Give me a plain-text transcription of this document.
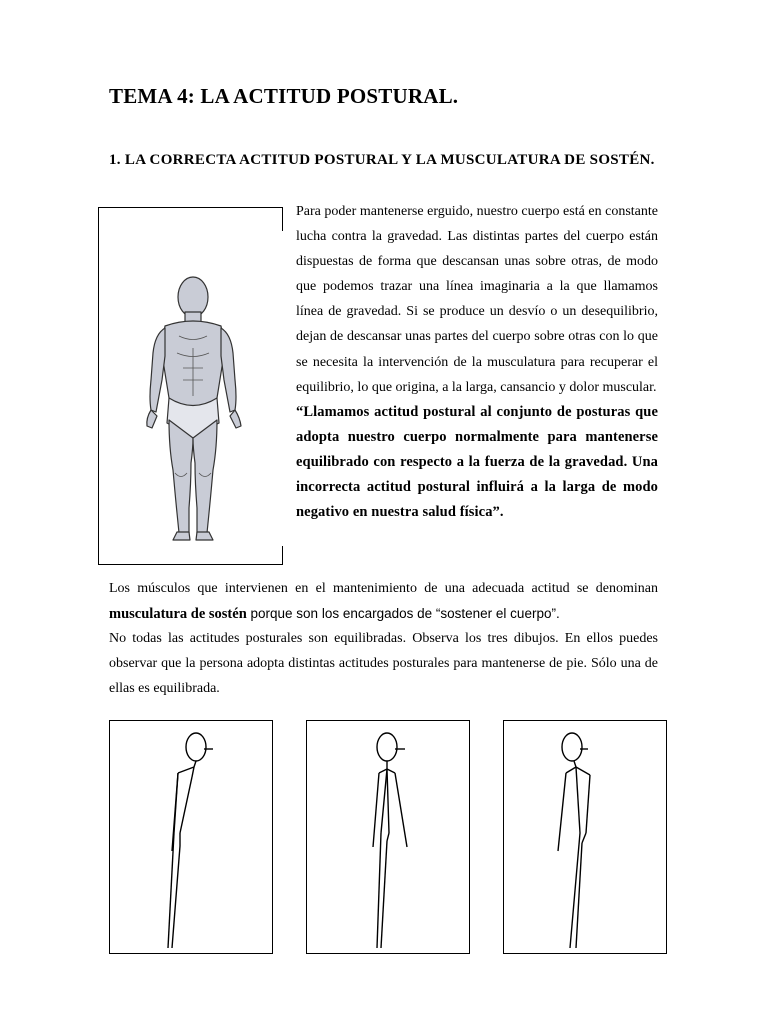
TEMA 4: LA ACTITUD POSTURAL.

1. LA CORRECTA ACTITUD POSTURAL Y LA MUSCULATURA DE SOSTÉN.

Para poder mantenerse erguido, nuestro cuerpo está en constante lucha contra la gravedad. Las distintas partes del cuerpo están dispuestas de forma que descansan unas sobre otras, de modo que podemos trazar una línea imaginaria a la que llamamos línea de gravedad. Si se produce un desvío o un desequilibrio, dejan de descansar unas partes del cuerpo sobre otras con lo que se necesita la intervención de la musculatura para recuperar el equilibrio, lo que origina, a la larga, cansancio y dolor muscular.

“Llamamos actitud postural al conjunto de posturas que adopta nuestro cuerpo normalmente para mantenerse equilibrado con respecto a la fuerza de la gravedad. Una incorrecta actitud postural influirá a la larga de modo negativo en nuestra salud física”.

Los músculos que intervienen en el mantenimiento de una adecuada actitud se denominan musculatura de sostén porque son los encargados de “sostener el cuerpo”.

No todas las actitudes posturales son equilibradas. Observa los tres dibujos. En ellos puedes observar que la persona adopta distintas actitudes posturales para mantenerse de pie. Sólo una de ellas es equilibrada.
